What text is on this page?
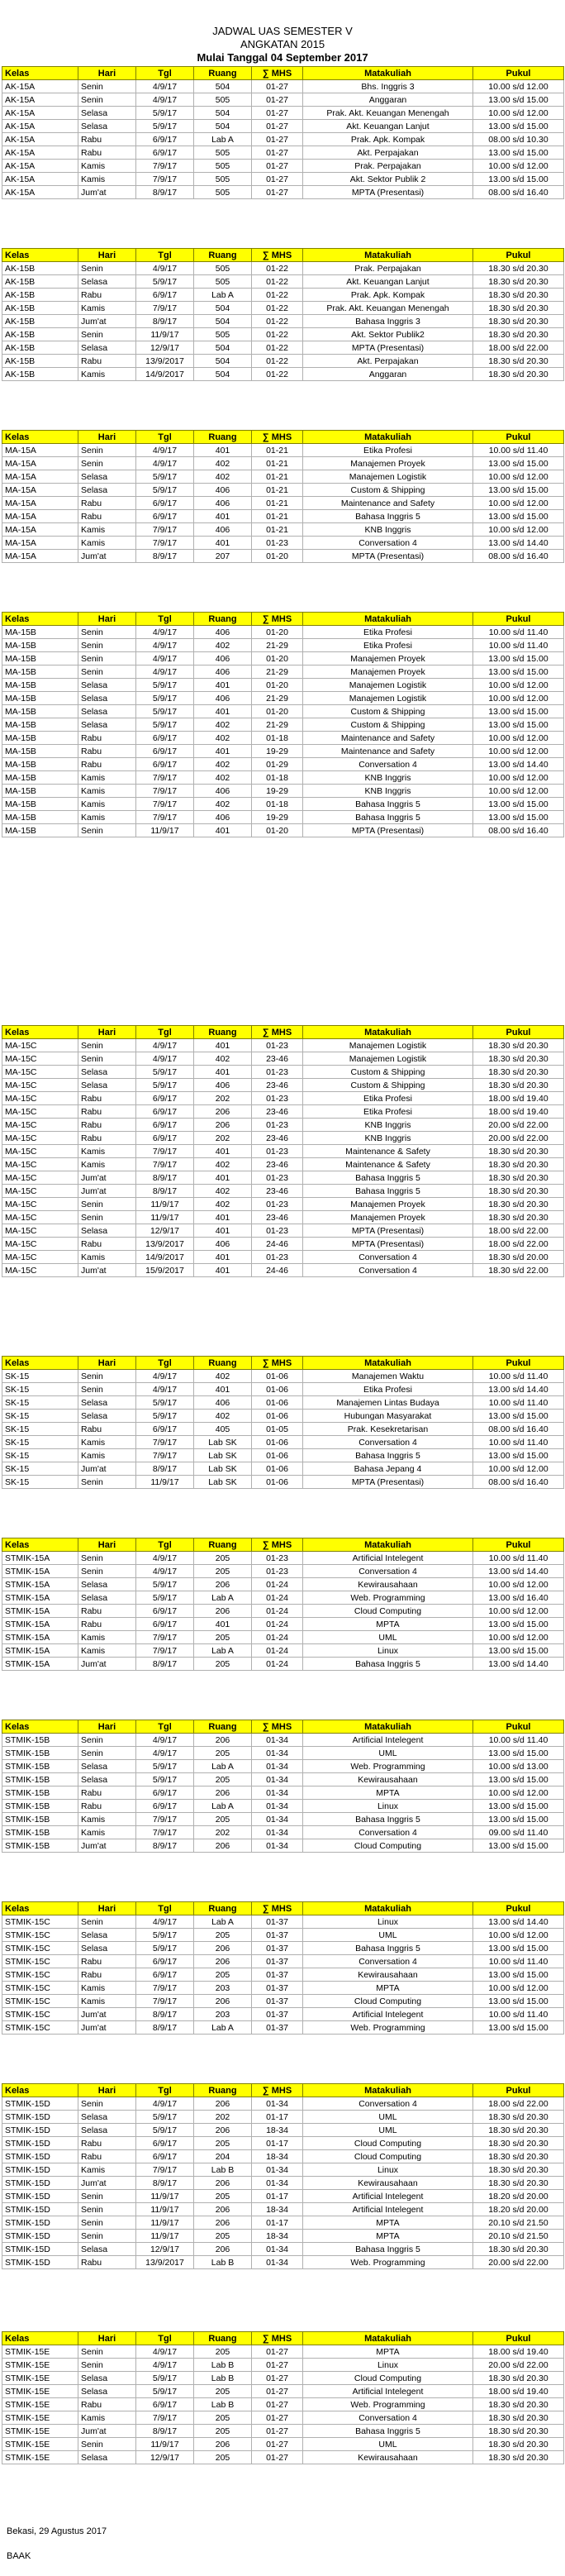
JADWAL UAS SEMESTER V
ANGKATAN 2015
Mulai Tanggal 04 September 2017
Kelas	Hari	Tgl	Ruang	∑ MHS	Matakuliah	Pukul
AK-15A	Senin	4/9/17	504	01-27	Bhs. Inggris 3	10.00 s/d 12.00
AK-15A	Senin	4/9/17	505	01-27	Anggaran	13.00 s/d 15.00
AK-15A	Selasa	5/9/17	504	01-27	Prak. Akt. Keuangan Menengah	10.00 s/d 12.00
AK-15A	Selasa	5/9/17	504	01-27	Akt. Keuangan Lanjut	13.00 s/d 15.00
AK-15A	Rabu	6/9/17	Lab A	01-27	Prak. Apk. Kompak	08.00 s/d 10.30
AK-15A	Rabu	6/9/17	505	01-27	Akt. Perpajakan	13.00 s/d 15.00
AK-15A	Kamis	7/9/17	505	01-27	Prak. Perpajakan	10.00 s/d 12.00
AK-15A	Kamis	7/9/17	505	01-27	Akt. Sektor Publik 2	13.00 s/d 15.00
AK-15A	Jum'at	8/9/17	505	01-27	MPTA (Presentasi)	08.00 s/d 16.40
Kelas	Hari	Tgl	Ruang	∑ MHS	Matakuliah	Pukul
AK-15B	Senin	4/9/17	505	01-22	Prak. Perpajakan	18.30 s/d 20.30
AK-15B	Selasa	5/9/17	505	01-22	Akt. Keuangan Lanjut	18.30 s/d 20.30
AK-15B	Rabu	6/9/17	Lab A	01-22	Prak. Apk. Kompak	18.30 s/d 20.30
AK-15B	Kamis	7/9/17	504	01-22	Prak. Akt. Keuangan Menengah	18.30 s/d 20.30
AK-15B	Jum'at	8/9/17	504	01-22	Bahasa Inggris 3	18.30 s/d 20.30
AK-15B	Senin	11/9/17	505	01-22	Akt. Sektor Publik2	18.30 s/d 20.30
AK-15B	Selasa	12/9/17	504	01-22	MPTA (Presentasi)	18.00 s/d 22.00
AK-15B	Rabu	13/9/2017	504	01-22	Akt. Perpajakan	18.30 s/d 20.30
AK-15B	Kamis	14/9/2017	504	01-22	Anggaran	18.30 s/d 20.30
Kelas	Hari	Tgl	Ruang	∑ MHS	Matakuliah	Pukul
MA-15A	Senin	4/9/17	401	01-21	Etika Profesi	10.00 s/d 11.40
MA-15A	Senin	4/9/17	402	01-21	Manajemen Proyek	13.00 s/d 15.00
MA-15A	Selasa	5/9/17	402	01-21	Manajemen Logistik	10.00 s/d 12.00
MA-15A	Selasa	5/9/17	406	01-21	Custom & Shipping	13.00 s/d 15.00
MA-15A	Rabu	6/9/17	406	01-21	Maintenance and Safety	10.00 s/d 12.00
MA-15A	Rabu	6/9/17	401	01-21	Bahasa Inggris 5	13.00 s/d 15.00
MA-15A	Kamis	7/9/17	406	01-21	KNB Inggris	10.00 s/d 12.00
MA-15A	Kamis	7/9/17	401	01-23	Conversation 4	13.00 s/d 14.40
MA-15A	Jum'at	8/9/17	207	01-20	MPTA (Presentasi)	08.00 s/d 16.40
Kelas	Hari	Tgl	Ruang	∑ MHS	Matakuliah	Pukul
MA-15B	Senin	4/9/17	406	01-20	Etika Profesi	10.00 s/d 11.40
MA-15B	Senin	4/9/17	402	21-29	Etika Profesi	10.00 s/d 11.40
MA-15B	Senin	4/9/17	406	01-20	Manajemen Proyek	13.00 s/d 15.00
MA-15B	Senin	4/9/17	406	21-29	Manajemen Proyek	13.00 s/d 15.00
MA-15B	Selasa	5/9/17	401	01-20	Manajemen Logistik	10.00 s/d 12.00
MA-15B	Selasa	5/9/17	406	21-29	Manajemen Logistik	10.00 s/d 12.00
MA-15B	Selasa	5/9/17	401	01-20	Custom & Shipping	13.00 s/d 15.00
MA-15B	Selasa	5/9/17	402	21-29	Custom & Shipping	13.00 s/d 15.00
MA-15B	Rabu	6/9/17	402	01-18	Maintenance and Safety	10.00 s/d 12.00
MA-15B	Rabu	6/9/17	401	19-29	Maintenance and Safety	10.00 s/d 12.00
MA-15B	Rabu	6/9/17	402	01-29	Conversation 4	13.00 s/d 14.40
MA-15B	Kamis	7/9/17	402	01-18	KNB Inggris	10.00 s/d 12.00
MA-15B	Kamis	7/9/17	406	19-29	KNB Inggris	10.00 s/d 12.00
MA-15B	Kamis	7/9/17	402	01-18	Bahasa Inggris 5	13.00 s/d 15.00
MA-15B	Kamis	7/9/17	406	19-29	Bahasa Inggris 5	13.00 s/d 15.00
MA-15B	Senin	11/9/17	401	01-20	MPTA (Presentasi)	08.00 s/d 16.40
Kelas	Hari	Tgl	Ruang	∑ MHS	Matakuliah	Pukul
MA-15C	Senin	4/9/17	401	01-23	Manajemen Logistik	18.30 s/d 20.30
MA-15C	Senin	4/9/17	402	23-46	Manajemen Logistik	18.30 s/d 20.30
MA-15C	Selasa	5/9/17	401	01-23	Custom & Shipping	18.30 s/d 20.30
MA-15C	Selasa	5/9/17	406	23-46	Custom & Shipping	18.30 s/d 20.30
MA-15C	Rabu	6/9/17	202	01-23	Etika Profesi	18.00 s/d 19.40
MA-15C	Rabu	6/9/17	206	23-46	Etika Profesi	18.00 s/d 19.40
MA-15C	Rabu	6/9/17	206	01-23	KNB Inggris	20.00 s/d 22.00
MA-15C	Rabu	6/9/17	202	23-46	KNB Inggris	20.00 s/d 22.00
MA-15C	Kamis	7/9/17	401	01-23	Maintenance & Safety	18.30 s/d 20.30
MA-15C	Kamis	7/9/17	402	23-46	Maintenance & Safety	18.30 s/d 20.30
MA-15C	Jum'at	8/9/17	401	01-23	Bahasa Inggris 5	18.30 s/d 20.30
MA-15C	Jum'at	8/9/17	402	23-46	Bahasa Inggris 5	18.30 s/d 20.30
MA-15C	Senin	11/9/17	402	01-23	Manajemen Proyek	18.30 s/d 20.30
MA-15C	Senin	11/9/17	401	23-46	Manajemen Proyek	18.30 s/d 20.30
MA-15C	Selasa	12/9/17	401	01-23	MPTA (Presentasi)	18.00 s/d 22.00
MA-15C	Rabu	13/9/2017	406	24-46	MPTA (Presentasi)	18.00 s/d 22.00
MA-15C	Kamis	14/9/2017	401	01-23	Conversation 4	18.30 s/d 20.00
MA-15C	Jum'at	15/9/2017	401	24-46	Conversation 4	18.30 s/d 22.00
Kelas	Hari	Tgl	Ruang	∑ MHS	Matakuliah	Pukul
SK-15	Senin	4/9/17	402	01-06	Manajemen Waktu	10.00 s/d 11.40
SK-15	Senin	4/9/17	401	01-06	Etika Profesi	13.00 s/d 14.40
SK-15	Selasa	5/9/17	406	01-06	Manajemen Lintas Budaya	10.00 s/d 11.40
SK-15	Selasa	5/9/17	402	01-06	Hubungan Masyarakat	13.00 s/d 15.00
SK-15	Rabu	6/9/17	405	01-05	Prak. Kesekretarisan	08.00 s/d 16.40
SK-15	Kamis	7/9/17	Lab SK	01-06	Conversation 4	10.00 s/d 11.40
SK-15	Kamis	7/9/17	Lab SK	01-06	Bahasa Inggris 5	13.00 s/d 15.00
SK-15	Jum'at	8/9/17	Lab SK	01-06	Bahasa Jepang 4	10.00 s/d 12.00
SK-15	Senin	11/9/17	Lab SK	01-06	MPTA (Presentasi)	08.00 s/d 16.40
Kelas	Hari	Tgl	Ruang	∑ MHS	Matakuliah	Pukul
STMIK-15A	Senin	4/9/17	205	01-23	Artificial Intelegent	10.00 s/d 11.40
STMIK-15A	Senin	4/9/17	205	01-23	Conversation 4	13.00 s/d 14.40
STMIK-15A	Selasa	5/9/17	206	01-24	Kewirausahaan	10.00 s/d 12.00
STMIK-15A	Selasa	5/9/17	Lab A	01-24	Web. Programming	13.00 s/d 16.40
STMIK-15A	Rabu	6/9/17	206	01-24	Cloud Computing	10.00 s/d 12.00
STMIK-15A	Rabu	6/9/17	401	01-24	MPTA	13.00 s/d 15.00
STMIK-15A	Kamis	7/9/17	205	01-24	UML	10.00 s/d 12.00
STMIK-15A	Kamis	7/9/17	Lab A	01-24	Linux	13.00 s/d 15.00
STMIK-15A	Jum'at	8/9/17	205	01-24	Bahasa Inggris 5	13.00 s/d 14.40
Kelas	Hari	Tgl	Ruang	∑ MHS	Matakuliah	Pukul
STMIK-15B	Senin	4/9/17	206	01-34	Artificial Intelegent	10.00 s/d 11.40
STMIK-15B	Senin	4/9/17	205	01-34	UML	13.00 s/d 15.00
STMIK-15B	Selasa	5/9/17	Lab A	01-34	Web. Programming	10.00 s/d 13.00
STMIK-15B	Selasa	5/9/17	205	01-34	Kewirausahaan	13.00 s/d 15.00
STMIK-15B	Rabu	6/9/17	206	01-34	MPTA	10.00 s/d 12.00
STMIK-15B	Rabu	6/9/17	Lab A	01-34	Linux	13.00 s/d 15.00
STMIK-15B	Kamis	7/9/17	205	01-34	Bahasa Inggris 5	13.00 s/d 15.00
STMIK-15B	Kamis	7/9/17	202	01-34	Conversation 4	09.00 s/d 11.40
STMIK-15B	Jum'at	8/9/17	206	01-34	Cloud Computing	13.00 s/d 15.00
Kelas	Hari	Tgl	Ruang	∑ MHS	Matakuliah	Pukul
STMIK-15C	Senin	4/9/17	Lab A	01-37	Linux	13.00 s/d 14.40
STMIK-15C	Selasa	5/9/17	205	01-37	UML	10.00 s/d 12.00
STMIK-15C	Selasa	5/9/17	206	01-37	Bahasa Inggris 5	13.00 s/d 15.00
STMIK-15C	Rabu	6/9/17	206	01-37	Conversation 4	10.00 s/d 11.40
STMIK-15C	Rabu	6/9/17	205	01-37	Kewirausahaan	13.00 s/d 15.00
STMIK-15C	Kamis	7/9/17	203	01-37	MPTA	10.00 s/d 12.00
STMIK-15C	Kamis	7/9/17	206	01-37	Cloud Computing	13.00 s/d 15.00
STMIK-15C	Jum'at	8/9/17	203	01-37	Artificial Intelegent	10.00 s/d 11.40
STMIK-15C	Jum'at	8/9/17	Lab A	01-37	Web. Programming	13.00 s/d 15.00
Kelas	Hari	Tgl	Ruang	∑ MHS	Matakuliah	Pukul
STMIK-15D	Senin	4/9/17	206	01-34	Conversation 4	18.00 s/d 22.00
STMIK-15D	Selasa	5/9/17	202	01-17	UML	18.30 s/d 20.30
STMIK-15D	Selasa	5/9/17	206	18-34	UML	18.30 s/d 20.30
STMIK-15D	Rabu	6/9/17	205	01-17	Cloud Computing	18.30 s/d 20.30
STMIK-15D	Rabu	6/9/17	204	18-34	Cloud Computing	18.30 s/d 20.30
STMIK-15D	Kamis	7/9/17	Lab B	01-34	Linux	18.30 s/d 20.30
STMIK-15D	Jum'at	8/9/17	206	01-34	Kewirausahaan	18.30 s/d 20.30
STMIK-15D	Senin	11/9/17	205	01-17	Artificial Intelegent	18.20 s/d 20.00
STMIK-15D	Senin	11/9/17	206	18-34	Artificial Intelegent	18.20 s/d 20.00
STMIK-15D	Senin	11/9/17	206	01-17	MPTA	20.10 s/d 21.50
STMIK-15D	Senin	11/9/17	205	18-34	MPTA	20.10 s/d 21.50
STMIK-15D	Selasa	12/9/17	206	01-34	Bahasa Inggris 5	18.30 s/d 20.30
STMIK-15D	Rabu	13/9/2017	Lab B	01-34	Web. Programming	20.00 s/d 22.00
Kelas	Hari	Tgl	Ruang	∑ MHS	Matakuliah	Pukul
STMIK-15E	Senin	4/9/17	205	01-27	MPTA	18.00 s/d 19.40
STMIK-15E	Senin	4/9/17	Lab B	01-27	Linux	20.00 s/d 22.00
STMIK-15E	Selasa	5/9/17	Lab B	01-27	Cloud Computing	18.30 s/d 20.30
STMIK-15E	Selasa	5/9/17	205	01-27	Artificial Intelegent	18.00 s/d 19.40
STMIK-15E	Rabu	6/9/17	Lab B	01-27	Web. Programming	18.30 s/d 20.30
STMIK-15E	Kamis	7/9/17	205	01-27	Conversation 4	18.30 s/d 20.30
STMIK-15E	Jum'at	8/9/17	205	01-27	Bahasa Inggris 5	18.30 s/d 20.30
STMIK-15E	Senin	11/9/17	206	01-27	UML	18.30 s/d 20.30
STMIK-15E	Selasa	12/9/17	205	01-27	Kewirausahaan	18.30 s/d 20.30
Bekasi, 29 Agustus 2017
BAAK
